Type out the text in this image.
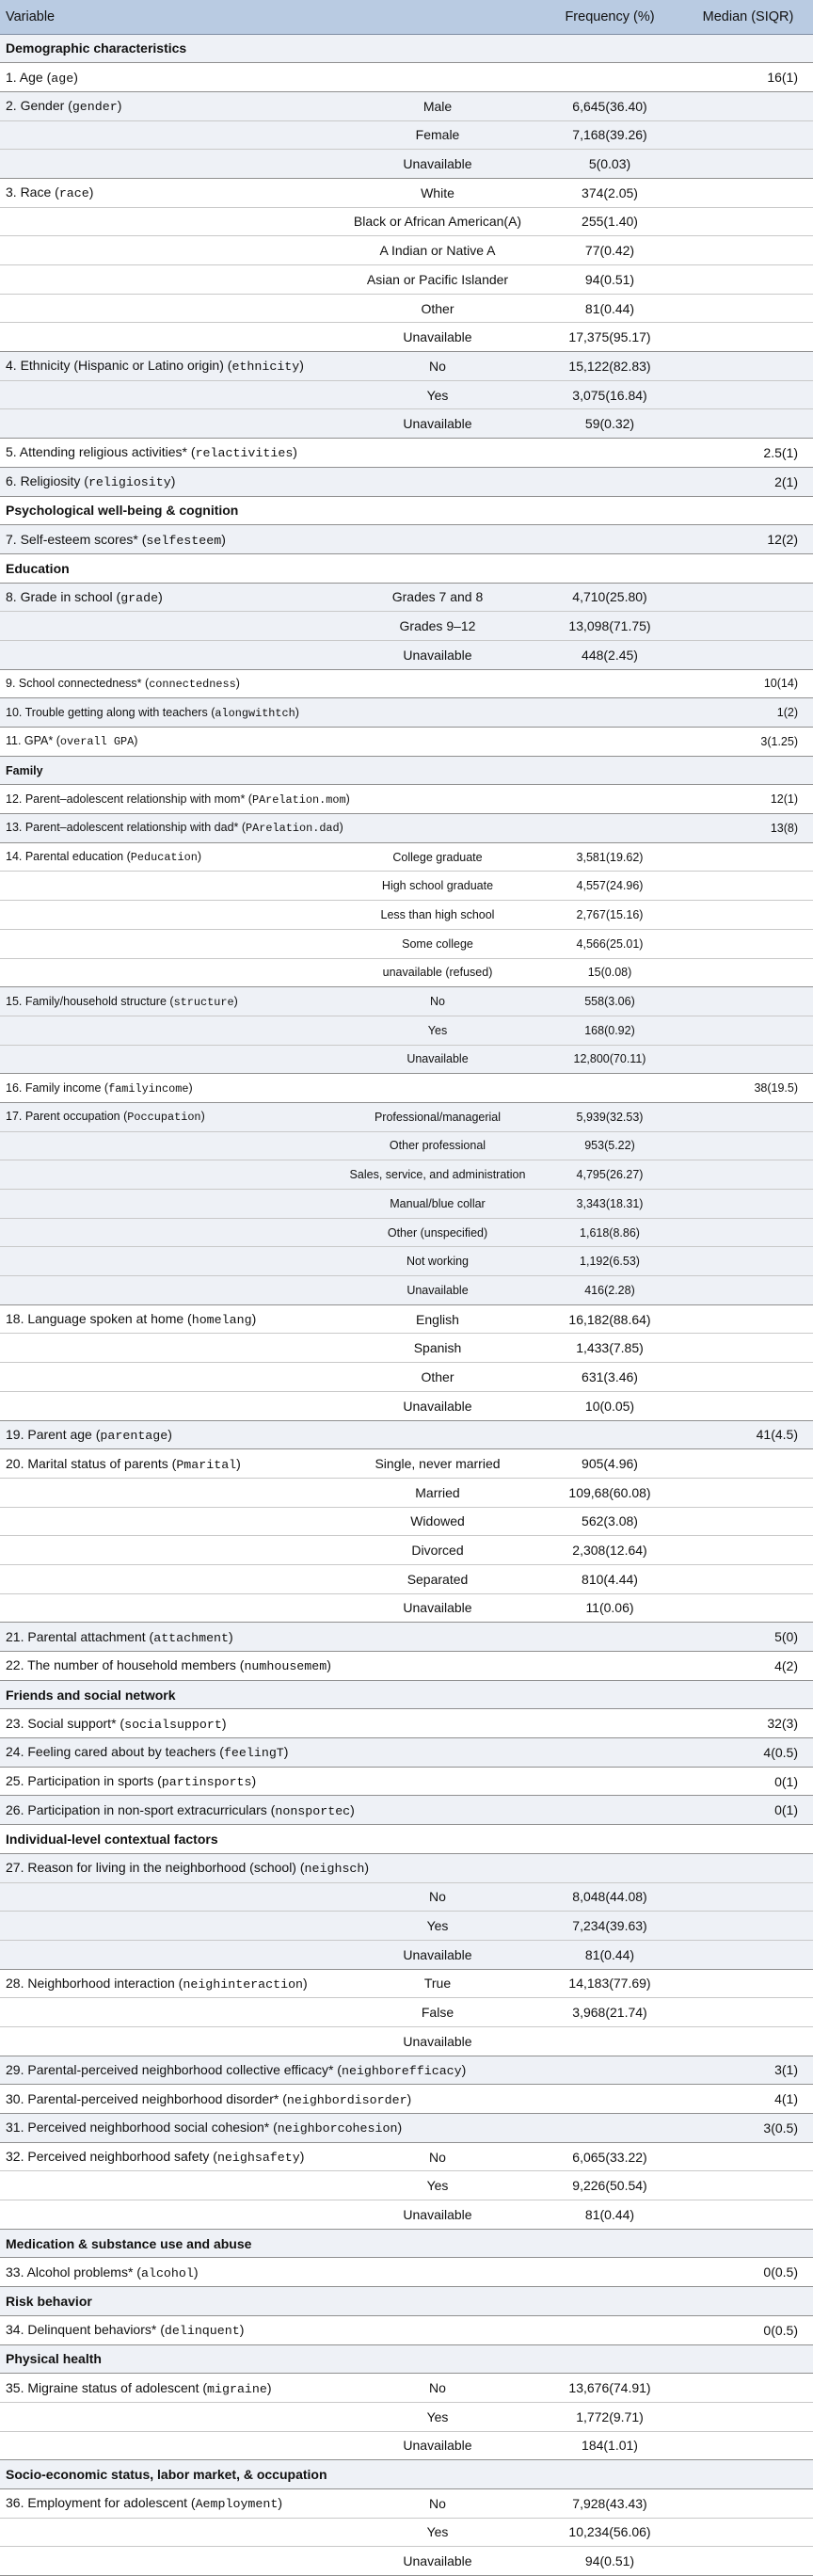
Variable		Frequency (%)	Median (SIQR)
Demographic characteristics			
1. Age (age)			16(1)
2. Gender (gender)	Male	6,645(36.40)	
	Female	7,168(39.26)	
	Unavailable	5(0.03)	
3. Race (race)	White	374(2.05)	
	Black or African American(A)	255(1.40)	
	A Indian or Native A	77(0.42)	
	Asian or Pacific Islander	94(0.51)	
	Other	81(0.44)	
	Unavailable	17,375(95.17)	
4. Ethnicity (Hispanic or Latino origin) (ethnicity)	No	15,122(82.83)	
	Yes	3,075(16.84)	
	Unavailable	59(0.32)	
5. Attending religious activities* (relactivities)			2.5(1)
6. Religiosity (religiosity)			2(1)
Psychological well-being & cognition			
7. Self-esteem scores* (selfesteem)			12(2)
Education			
8. Grade in school (grade)	Grades 7 and 8	4,710(25.80)	
	Grades 9–12	13,098(71.75)	
	Unavailable	448(2.45)	
9. School connectedness* (connectedness)			10(14)
10. Trouble getting along with teachers (alongwithtch)			1(2)
11. GPA* (overall GPA)			3(1.25)
Family			
12. Parent–adolescent relationship with mom* (PArelation.mom)			12(1)
13. Parent–adolescent relationship with dad* (PArelation.dad)			13(8)
14. Parental education (Peducation)	College graduate	3,581(19.62)	
	High school graduate	4,557(24.96)	
	Less than high school	2,767(15.16)	
	Some college	4,566(25.01)	
	unavailable (refused)	15(0.08)	
15. Family/household structure (structure)	No	558(3.06)	
	Yes	168(0.92)	
	Unavailable	12,800(70.11)	
16. Family income (familyincome)			38(19.5)
17. Parent occupation (Poccupation)	Professional/managerial	5,939(32.53)	
	Other professional	953(5.22)	
	Sales, service, and administration	4,795(26.27)	
	Manual/blue collar	3,343(18.31)	
	Other (unspecified)	1,618(8.86)	
	Not working	1,192(6.53)	
	Unavailable	416(2.28)	
18. Language spoken at home (homelang)	English	16,182(88.64)	
	Spanish	1,433(7.85)	
	Other	631(3.46)	
	Unavailable	10(0.05)	
19. Parent age (parentage)			41(4.5)
20. Marital status of parents (Pmarital)	Single, never married	905(4.96)	
	Married	109,68(60.08)	
	Widowed	562(3.08)	
	Divorced	2,308(12.64)	
	Separated	810(4.44)	
	Unavailable	11(0.06)	
21. Parental attachment (attachment)			5(0)
22. The number of household members (numhousemem)			4(2)
Friends and social network			
23. Social support* (socialsupport)			32(3)
24. Feeling cared about by teachers (feelingT)			4(0.5)
25. Participation in sports (partinsports)			0(1)
26. Participation in non-sport extracurriculars (nonsportec)			0(1)
Individual-level contextual factors			
27. Reason for living in the neighborhood (school) (neighsch)			
	No	8,048(44.08)	
	Yes	7,234(39.63)	
	Unavailable	81(0.44)	
28. Neighborhood interaction (neighinteraction)	True	14,183(77.69)	
	False	3,968(21.74)	
	Unavailable		
29. Parental-perceived neighborhood collective efficacy* (neighborefficacy)			3(1)
30. Parental-perceived neighborhood disorder* (neighbordisorder)			4(1)
31. Perceived neighborhood social cohesion* (neighborcohesion)			3(0.5)
32. Perceived neighborhood safety (neighsafety)	No	6,065(33.22)	
	Yes	9,226(50.54)	
	Unavailable	81(0.44)	
Medication & substance use and abuse			
33. Alcohol problems* (alcohol)			0(0.5)
Risk behavior			
34. Delinquent behaviors* (delinquent)			0(0.5)
Physical health			
35. Migraine status of adolescent (migraine)	No	13,676(74.91)	
	Yes	1,772(9.71)	
	Unavailable	184(1.01)	
Socio-economic status, labor market, & occupation			
36. Employment for adolescent (Aemployment)	No	7,928(43.43)	
	Yes	10,234(56.06)	
	Unavailable	94(0.51)	
